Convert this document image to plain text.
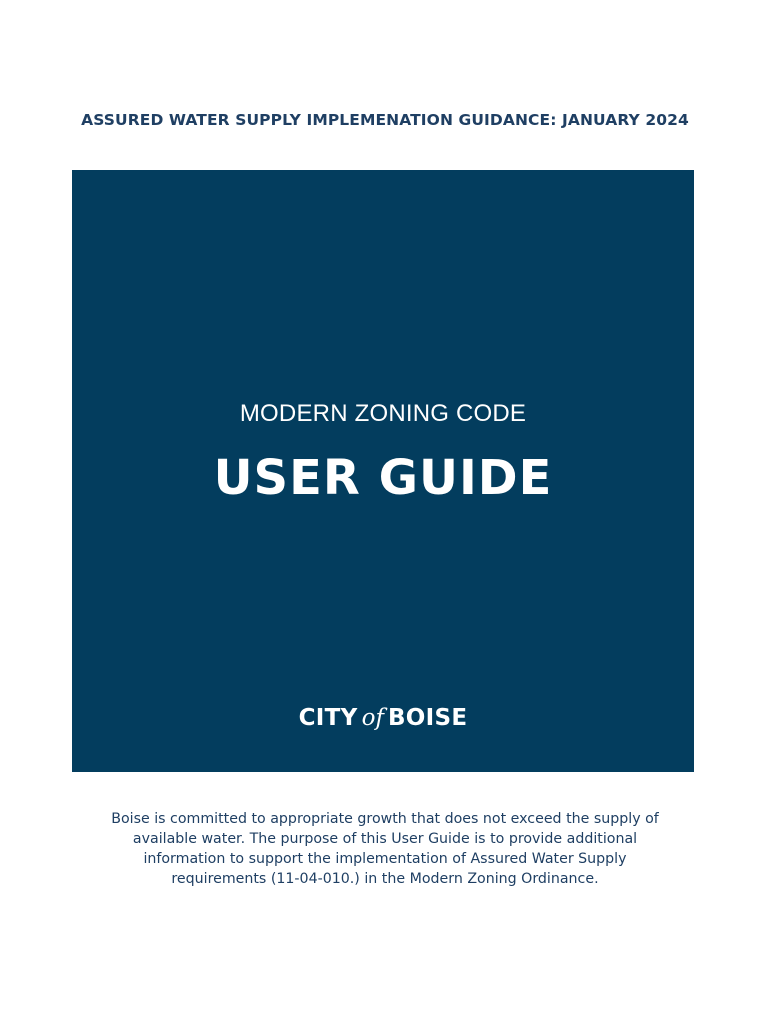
ASSURED WATER SUPPLY IMPLEMENATION GUIDANCE: JANUARY 2024
MODERN ZONING CODE
USER GUIDE
CITY of BOISE
Boise is committed to appropriate growth that does not exceed the supply of available water. The purpose of this User Guide is to provide additional information to support the implementation of Assured Water Supply requirements (11-04-010.) in the Modern Zoning Ordinance.
